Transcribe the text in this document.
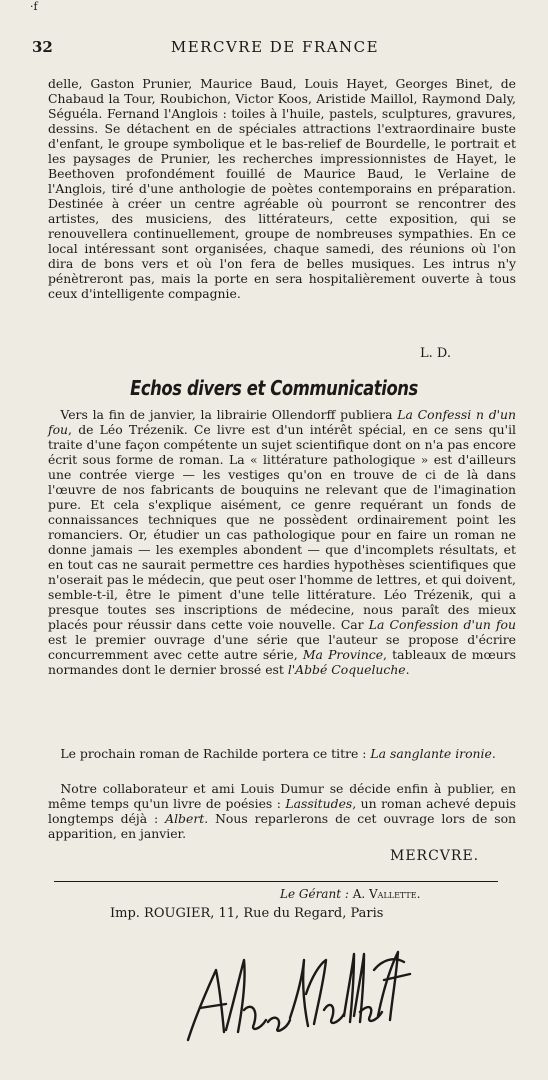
·f
32	MERCVRE DE FRANCE
delle, Gaston Prunier, Maurice Baud, Louis Hayet, Georges Binet, de Chabaud la Tour, Roubichon, Victor Koos, Aristide Maillol, Raymond Daly, Séguéla. Fernand l'Anglois : toiles à l'huile, pastels, sculptures, gravures, dessins. Se détachent en de spéciales attractions l'extraordinaire buste d'enfant, le groupe symbolique et le bas-relief de Bourdelle, le portrait et les paysages de Prunier, les recherches impressionnistes de Hayet, le Beethoven profondément fouillé de Maurice Baud, le Verlaine de l'Anglois, tiré d'une anthologie de poètes contemporains en préparation. Destinée à créer un centre agréable où pourront se rencontrer des artistes, des musiciens, des littérateurs, cette exposition, qui se renouvellera continuellement, groupe de nombreuses sympathies. En ce local intéressant sont organisées, chaque samedi, des réunions où l'on dira de bons vers et où l'on fera de belles musiques. Les intrus n'y pénètreront pas, mais la porte en sera hospitalièrement ouverte à tous ceux d'intelligente compagnie.
L. D.
Echos divers et Communications

 Vers la fin de janvier, la librairie Ollendorff publiera La Confessi n d'un fou, de Léo Trézenik. Ce livre est d'un intérêt spécial, en ce sens qu'il traite d'une façon compétente un sujet scientifique dont on n'a pas encore écrit sous forme de roman. La « littérature pathologique » est d'ailleurs une contrée vierge — les vestiges qu'on en trouve de ci de là dans l'œuvre de nos fabricants de bouquins ne relevant que de l'imagination pure. Et cela s'explique aisément, ce genre requérant un fonds de connaissances techniques que ne possèdent ordinairement point les romanciers. Or, étudier un cas pathologique pour en faire un roman ne donne jamais — les exemples abondent — que d'incomplets résultats, et en tout cas ne saurait permettre ces hardies hypothèses scientifiques que n'oserait pas le médecin, que peut oser l'homme de lettres, et qui doivent, semble-t-il, être le piment d'une telle littérature. Léo Trézenik, qui a presque toutes ses inscriptions de médecine, nous paraît des mieux placés pour réussir dans cette voie nouvelle. Car La Confession d'un fou est le premier ouvrage d'une série que l'auteur se propose d'écrire concurremment avec cette autre série, Ma Province, tableaux de mœurs normandes dont le dernier brossé est l'Abbé Coqueluche.

 Le prochain roman de Rachilde portera ce titre : La sanglante ironie.

 Notre collaborateur et ami Louis Dumur se décide enfin à publier, en même temps qu'un livre de poésies : Lassitudes, un roman achevé depuis longtemps déjà : Albert. Nous reparlerons de cet ouvrage lors de son apparition, en janvier.

MERCVRE.
Le Gérant : A. Vallette.
Imp. ROUGIER, 11, Rue du Regard, Paris
